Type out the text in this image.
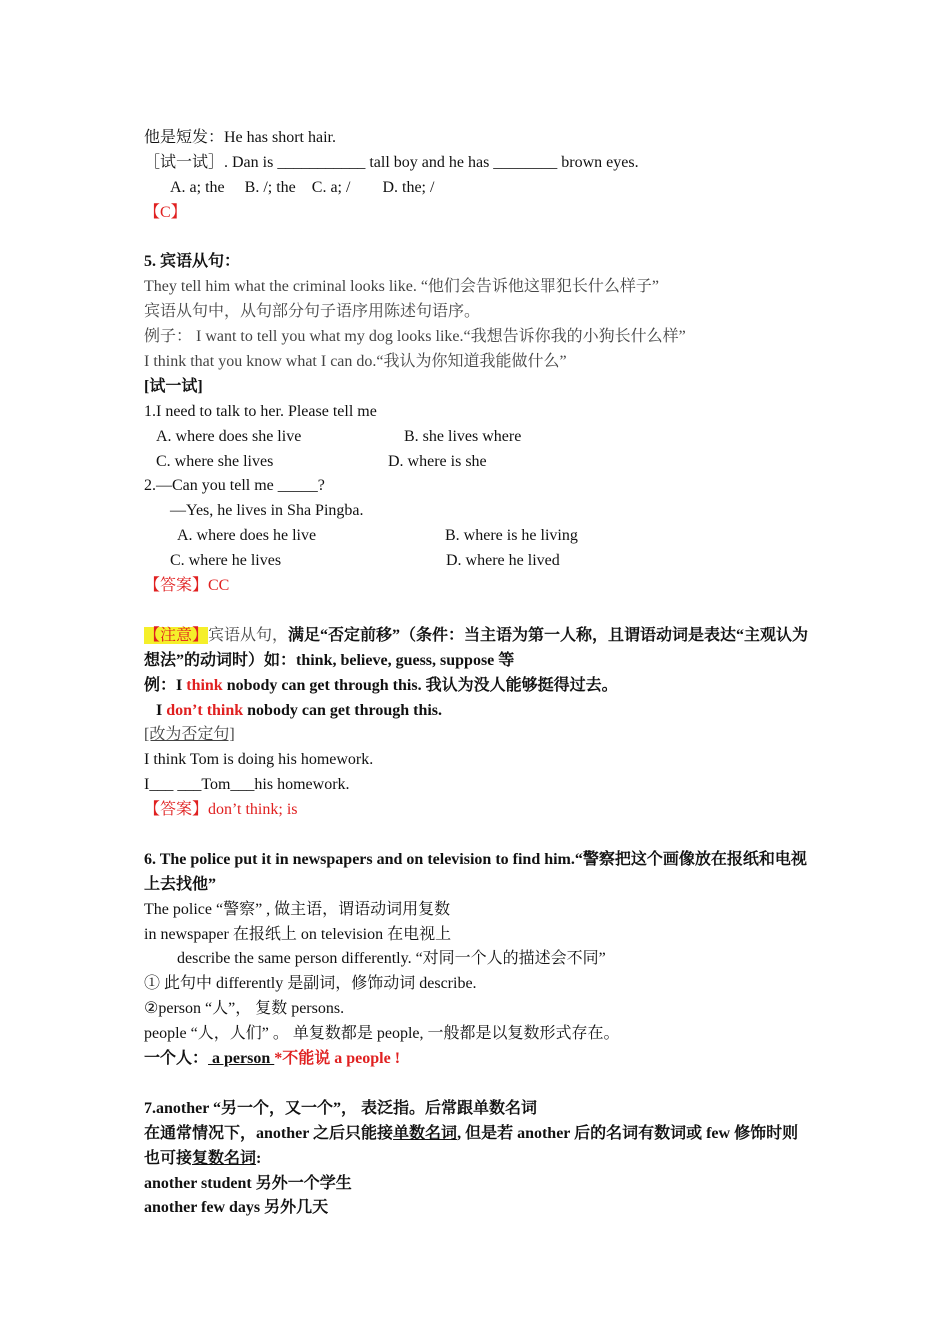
他是短发：He has short hair.
［试一试］. Dan is ___________ tall boy and he has ________ brown eyes.
A. a; the B. /; the C. a; / D. the; /
【C】
5. 宾语从句：
They tell him what the criminal looks like. “他们会告诉他这罪犯长什么样子”
宾语从句中，从句部分句子语序用陈述句语序。
例子： I want to tell you what my dog looks like.“我想告诉你我的小狗长什么样”
I think that you know what I can do.“我认为你知道我能做什么”
[试一试]
1.I need to talk to her. Please tell me
A. where does she live	B. she lives where
C. where she lives	D. where is she
2.—Can you tell me _____?
—Yes, he lives in Sha Pingba.
A. where does he live	B. where is he living
C. where he lives	D. where he lived
【答案】CC
【注意】宾语从句，满足“否定前移”（条件：当主语为第一人称，且谓语动词是表达“主观认为想法”的动词时）如：think, believe, guess, suppose 等
例：I think nobody can get through this. 我认为没人能够挺得过去。
I don’t think nobody can get through this.
[改为否定句]
I think Tom is doing his homework.
I___ ___Tom___his homework.
【答案】don’t think; is
6. The police put it in newspapers and on television to find him.“警察把这个画像放在报纸和电视上去找他”
The police “警察” , 做主语，谓语动词用复数
in newspaper 在报纸上 on television 在电视上
describe the same person differently. “对同一个人的描述会不同”
① 此句中 differently 是副词，修饰动词 describe.
②person “人”， 复数 persons.
people “人，人们” 。 单复数都是 people, 一般都是以复数形式存在。
一个人： a person *不能说 a people !
7.another “另一个，又一个”， 表泛指。后常跟单数名词
在通常情况下，another 之后只能接单数名词, 但是若 another 后的名词有数词或 few 修饰时则也可接复数名词:
another student 另外一个学生
another few days 另外几天
